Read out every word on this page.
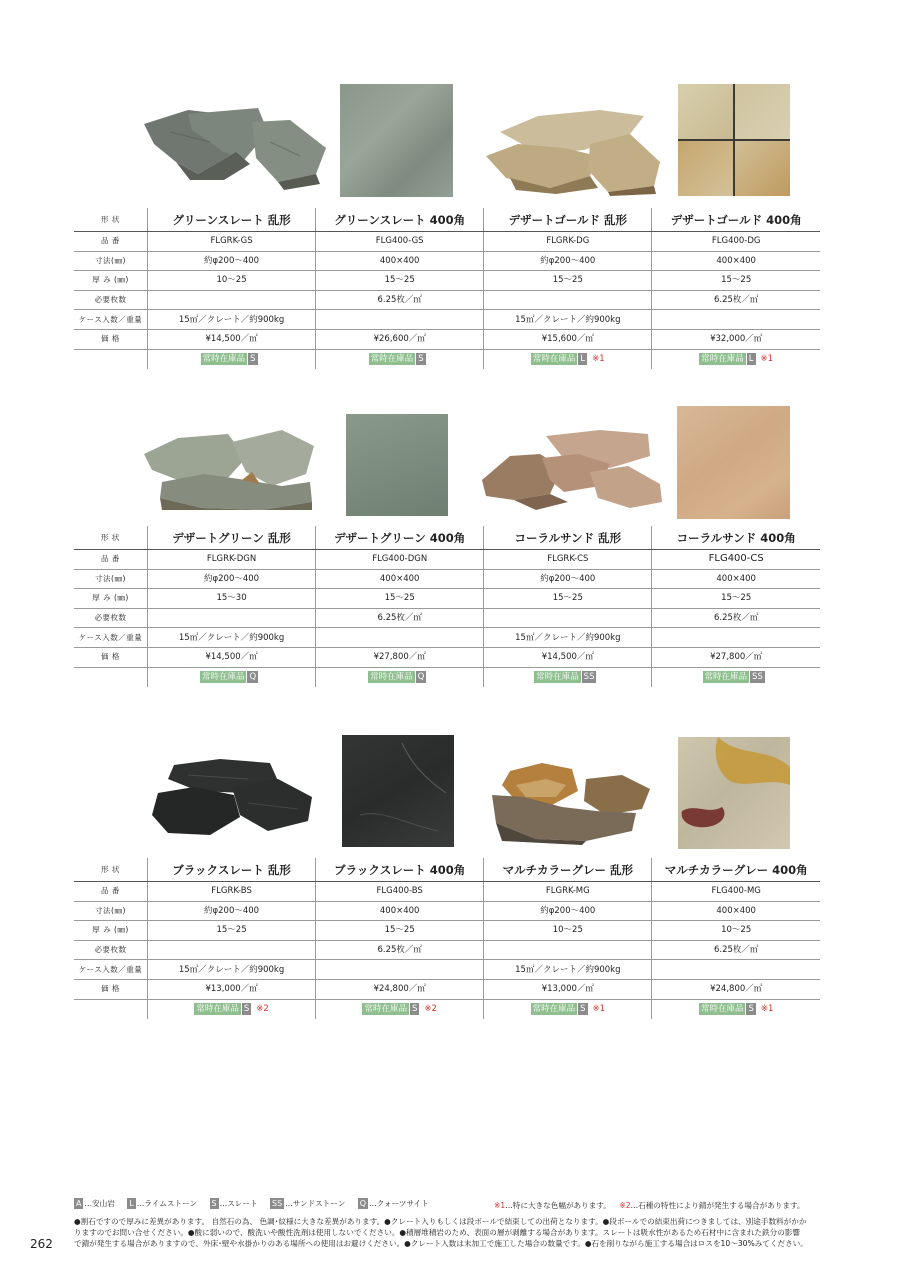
形 状	グリーンスレート 乱形	グリーンスレート 400角	デザートゴールド 乱形	デザートゴールド 400角
品 番	FLGRK-GS	FLG400-GS	FLGRK-DG	FLG400-DG
寸法(㎜)	約φ200～400	400×400	約φ200～400	400×400
厚 み (㎜)	10～25	15～25	15～25	15～25
必要枚数		6.25枚／㎡		6.25枚／㎡
ケース入数／重量	15㎡／クレート／約900kg		15㎡／クレート／約900kg	
価 格	¥14,500／㎡	¥26,600／㎡	¥15,600／㎡	¥32,000／㎡
	常時在庫品 S	常時在庫品 S	常時在庫品 L ※1	常時在庫品 L ※1
形 状	デザートグリーン 乱形	デザートグリーン 400角	コーラルサンド 乱形	コーラルサンド 400角
品 番	FLGRK-DGN	FLG400-DGN	FLGRK-CS	FLG400-CS
寸法(㎜)	約φ200～400	400×400	約φ200～400	400×400
厚 み (㎜)	15～30	15～25	15～25	15～25
必要枚数		6.25枚／㎡		6.25枚／㎡
ケース入数／重量	15㎡／クレート／約900kg		15㎡／クレート／約900kg	
価 格	¥14,500／㎡	¥27,800／㎡	¥14,500／㎡	¥27,800／㎡
	常時在庫品 Q	常時在庫品 Q	常時在庫品 SS	常時在庫品 SS
形 状	ブラックスレート 乱形	ブラックスレート 400角	マルチカラーグレー 乱形	マルチカラーグレー 400角
品 番	FLGRK-BS	FLG400-BS	FLGRK-MG	FLG400-MG
寸法(㎜)	約φ200～400	400×400	約φ200～400	400×400
厚 み (㎜)	15～25	15～25	10～25	10～25
必要枚数		6.25枚／㎡		6.25枚／㎡
ケース入数／重量	15㎡／クレート／約900kg		15㎡／クレート／約900kg	
価 格	¥13,000／㎡	¥24,800／㎡	¥13,000／㎡	¥24,800／㎡
	常時在庫品 S ※2	常時在庫品 S ※2	常時在庫品 S ※1	常時在庫品 S ※1
A …安山岩 L …ライムストーン S …スレート SS …サンドストーン Q …クォーツサイト	※1…特に大きな色幅があります。 ※2…石種の特性により錆が発生する場合があります。
●割石ですので厚みに差異があります。 自然石の為、 色調･紋様に大きな差異があります。●クレート入りもしくは段ボールで結束しての出荷となります。●段ボールでの結束出荷につきましては、別途手数料がかか
りますのでお問い合せください。●酸に弱いので、酸洗いや酸性洗剤は使用しないでください。●積層堆積岩のため、表面の層が剥離する場合があります。スレートは吸水性があるため石材中に含まれた鉄分の影響
で錆が発生する場合がありますので、外床･壁や水掛かりのある場所への使用はお避けください。●クレート入数は未加工で施工した場合の数量です。●石を削りながら施工する場合はロスを10～30%みてください。
262
